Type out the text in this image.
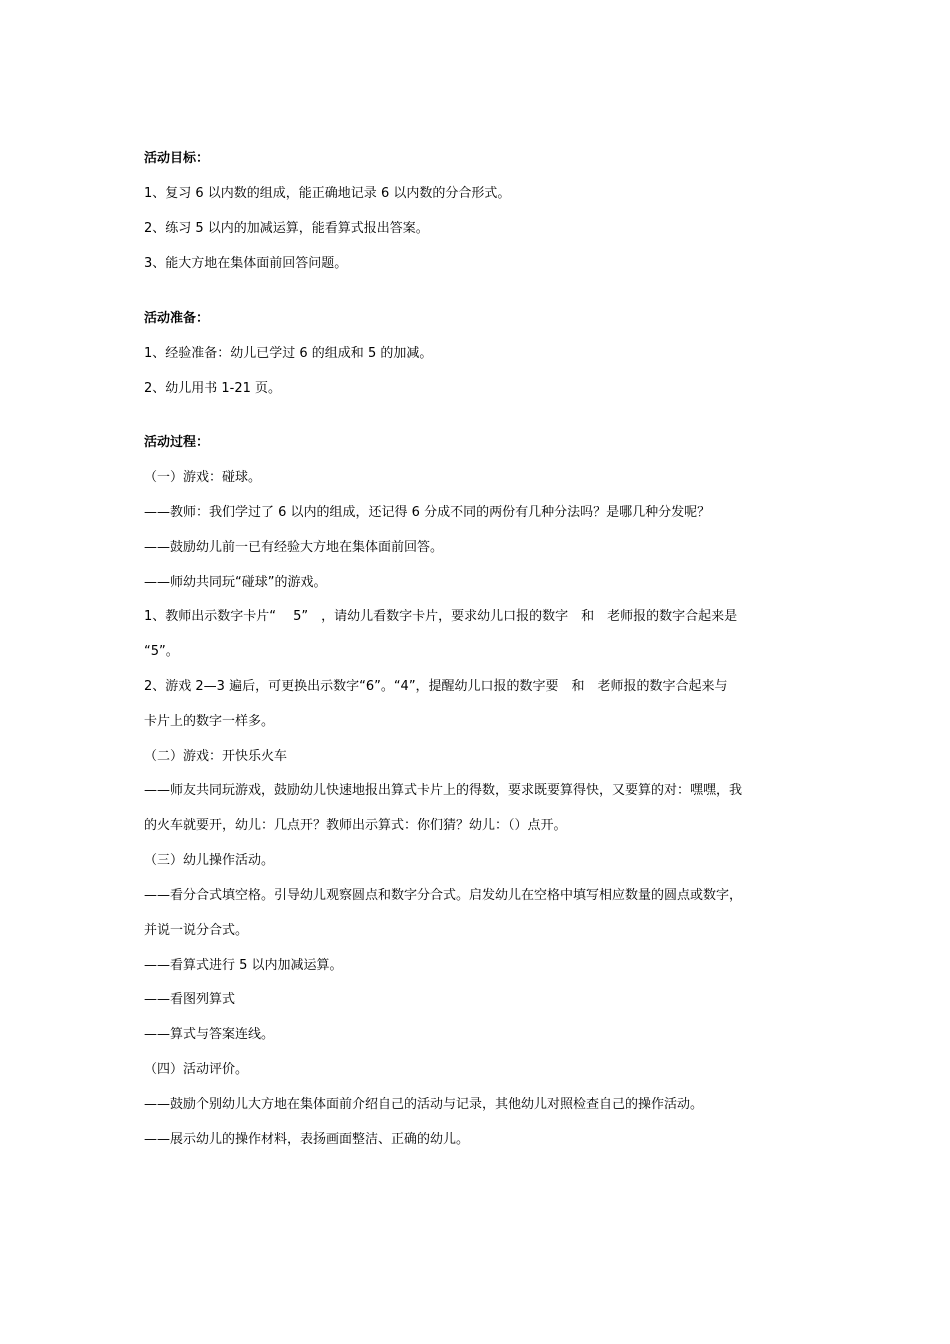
活动目标：
1、复习 6 以内数的组成，能正确地记录 6 以内数的分合形式。
2、练习 5 以内的加减运算，能看算式报出答案。
3、能大方地在集体面前回答问题。
活动准备：
1、经验准备：幼儿已学过 6 的组成和 5 的加减。
2、幼儿用书 1-21 页。
活动过程：
（一）游戏：碰球。
——教师：我们学过了 6 以内的组成，还记得 6 分成不同的两份有几种分法吗？是哪几种分发呢？
——鼓励幼儿前一已有经验大方地在集体面前回答。
——师幼共同玩“碰球”的游戏。
1、教师出示数字卡片“　 5”　，请幼儿看数字卡片，要求幼儿口报的数字　和　老师报的数字合起来是
“5”。
2、游戏 2—3 遍后，可更换出示数字“6”。“4”，提醒幼儿口报的数字要　和　老师报的数字合起来与
卡片上的数字一样多。
（二）游戏：开快乐火车
——师友共同玩游戏，鼓励幼儿快速地报出算式卡片上的得数，要求既要算得快，又要算的对：嘿嘿，我
的火车就要开，幼儿：几点开？教师出示算式：你们猜？幼儿：（）点开。
（三）幼儿操作活动。
——看分合式填空格。引导幼儿观察圆点和数字分合式。启发幼儿在空格中填写相应数量的圆点或数字，
并说一说分合式。
——看算式进行 5 以内加减运算。
——看图列算式
——算式与答案连线。
（四）活动评价。
——鼓励个别幼儿大方地在集体面前介绍自己的活动与记录，其他幼儿对照检查自己的操作活动。
——展示幼儿的操作材料，表扬画面整洁、正确的幼儿。
